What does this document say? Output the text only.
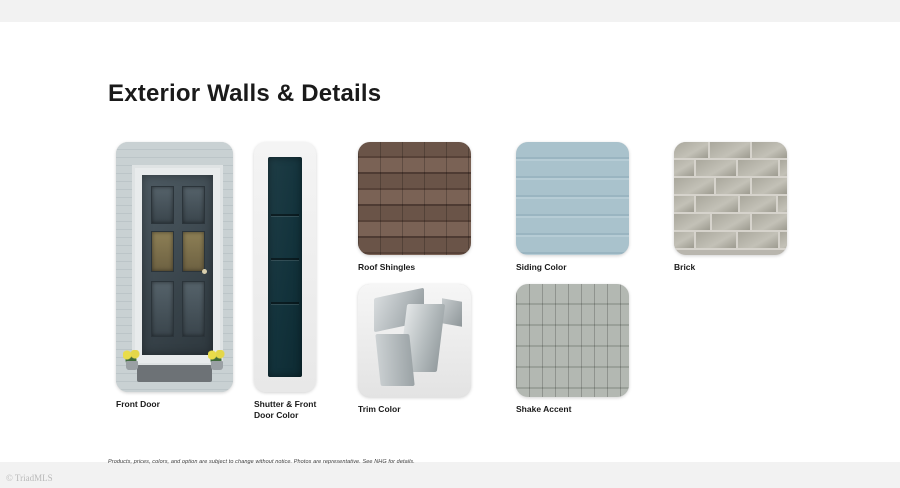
Exterior Walls & Details
Front Door	Shutter & Front
Door Color
Roof Shingles	Siding Color	Brick
Trim Color	Shake Accent
Products, prices, colors, and option are subject to change without notice. Photos are representative. See NHG for details.
© TriadMLS
